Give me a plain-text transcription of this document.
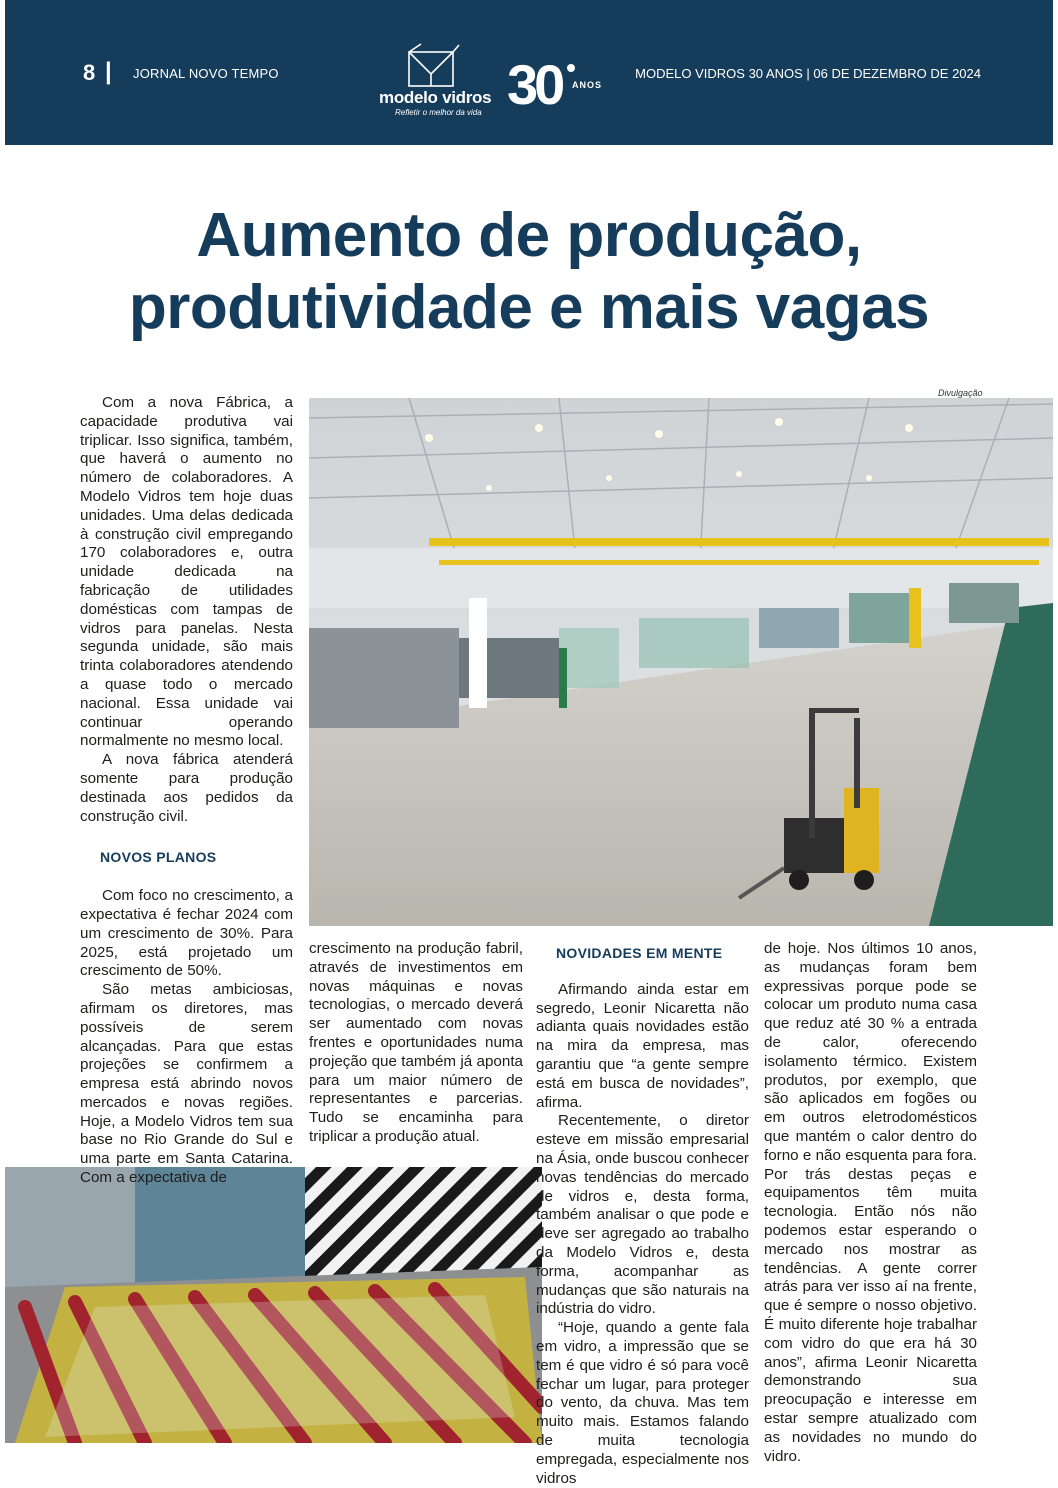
8 | JORNAL NOVO TEMPO
modelo vidros
Refletir o melhor da vida 30 ANOS
MODELO VIDROS 30 ANOS | 06 DE DEZEMBRO DE 2024
Aumento de produção,
produtividade e mais vagas
Divulgação

Com a nova Fábrica, a capacidade produtiva vai triplicar. Isso significa, também, que haverá o aumento no número de colaboradores. A Modelo Vidros tem hoje duas unidades. Uma delas dedicada à construção civil empregando 170 colaboradores e, outra unidade dedicada na fabricação de utilidades domésticas com tampas de vidros para panelas. Nesta segunda unidade, são mais trinta colaboradores atendendo a quase todo o mercado nacional. Essa unidade vai continuar operando normalmente no mesmo local.

A nova fábrica atenderá somente para produção destinada aos pedidos da construção civil.

NOVOS PLANOS

Com foco no crescimento, a expectativa é fechar 2024 com um crescimento de 30%. Para 2025, está projetado um crescimento de 50%.

São metas ambiciosas, afirmam os diretores, mas possíveis de serem alcançadas. Para que estas projeções se confirmem a empresa está abrindo novos mercados e novas regiões. Hoje, a Modelo Vidros tem sua base no Rio Grande do Sul e uma parte em Santa Catarina. Com a expectativa de

crescimento na produção fabril, através de investimentos em novas máquinas e novas tecnologias, o mercado deverá ser aumentado com novas frentes e oportunidades numa projeção que também já aponta para um maior número de representantes e parcerias. Tudo se encaminha para triplicar a produção atual.

NOVIDADES EM MENTE

Afirmando ainda estar em segredo, Leonir Nicaretta não adianta quais novidades estão na mira da empresa, mas garantiu que “a gente sempre está em busca de novidades”, afirma.

Recentemente, o diretor esteve em missão empresarial na Ásia, onde buscou conhecer novas tendências do mercado de vidros e, desta forma, também analisar o que pode e deve ser agregado ao trabalho da Modelo Vidros e, desta forma, acompanhar as mudanças que são naturais na indústria do vidro.

“Hoje, quando a gente fala em vidro, a impressão que se tem é que vidro é só para você fechar um lugar, para proteger do vento, da chuva. Mas tem muito mais. Estamos falando de muita tecnologia empregada, especialmente nos vidros

de hoje. Nos últimos 10 anos, as mudanças foram bem expressivas porque pode se colocar um produto numa casa que reduz até 30 % a entrada de calor, oferecendo isolamento térmico. Existem produtos, por exemplo, que são aplicados em fogões ou em outros eletrodomésticos que mantém o calor dentro do forno e não esquenta para fora. Por trás destas peças e equipamentos têm muita tecnologia. Então nós não podemos estar esperando o mercado nos mostrar as tendências. A gente correr atrás para ver isso aí na frente, que é sempre o nosso objetivo. É muito diferente hoje trabalhar com vidro do que era há 30 anos”, afirma Leonir Nicaretta demonstrando sua preocupação e interesse em estar sempre atualizado com as novidades no mundo do vidro.
